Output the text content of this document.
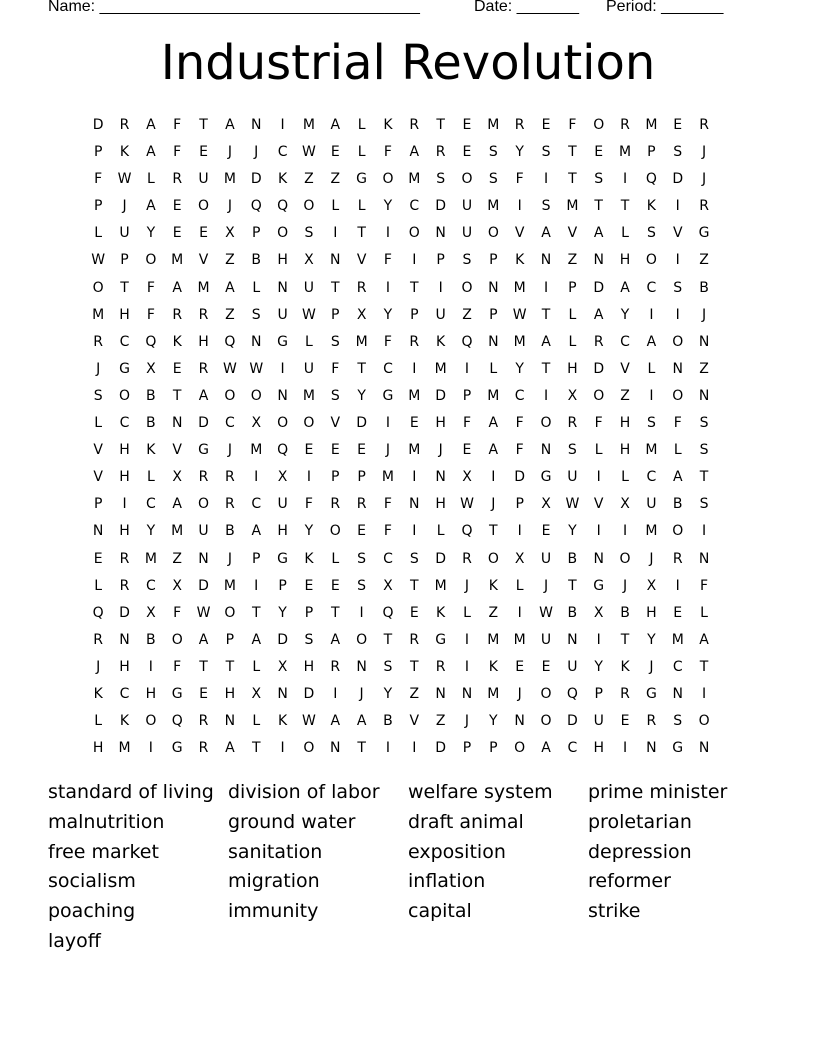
Name: ____________________________________	Date: _______ Period: _______
Industrial Revolution
D R A F T A N I M A L K R T E M R E F O R M E R
P K A F E J J C W E L F A R E S Y S T E M P S J
F W L R U M D K Z Z G O M S O S F I T S I Q D J
P J A E O J Q Q O L L Y C D U M I S M T T K I R
L U Y E E X P O S I T I O N U O V A V A L S V G
W P O M V Z B H X N V F I P S P K N Z N H O I Z
O T F A M A L N U T R I T I O N M I P D A C S B
M H F R R Z S U W P X Y P U Z P W T L A Y I I J
R C Q K H Q N G L S M F R K Q N M A L R C A O N
J G X E R W W I U F T C I M I L Y T H D V L N Z
S O B T A O O N M S Y G M D P M C I X O Z I O N
L C B N D C X O O V D I E H F A F O R F H S F S
V H K V G J M Q E E E J M J E A F N S L H M L S
V H L X R R I X I P P M I N X I D G U I L C A T
P I C A O R C U F R R F N H W J P X W V X U B S
N H Y M U B A H Y O E F I L Q T I E Y I I M O I
E R M Z N J P G K L S C S D R O X U B N O J R N
L R C X D M I P E E S X T M J K L J T G J X I F
Q D X F W O T Y P T I Q E K L Z I W B X B H E L
R N B O A P A D S A O T R G I M M U N I T Y M A
J H I F T T L X H R N S T R I K E E U Y K J C T
K C H G E H X N D I J Y Z N N M J O Q P R G N I
L K O Q R N L K W A A B V Z J Y N O D U E R S O
H M I G R A T I O N T I I D P P O A C H I N G N
standard of living
malnutrition
free market
socialism
poaching
layoff
division of labor
ground water
sanitation
migration
immunity
welfare system
draft animal
exposition
inflation
capital
prime minister
proletarian
depression
reformer
strike
